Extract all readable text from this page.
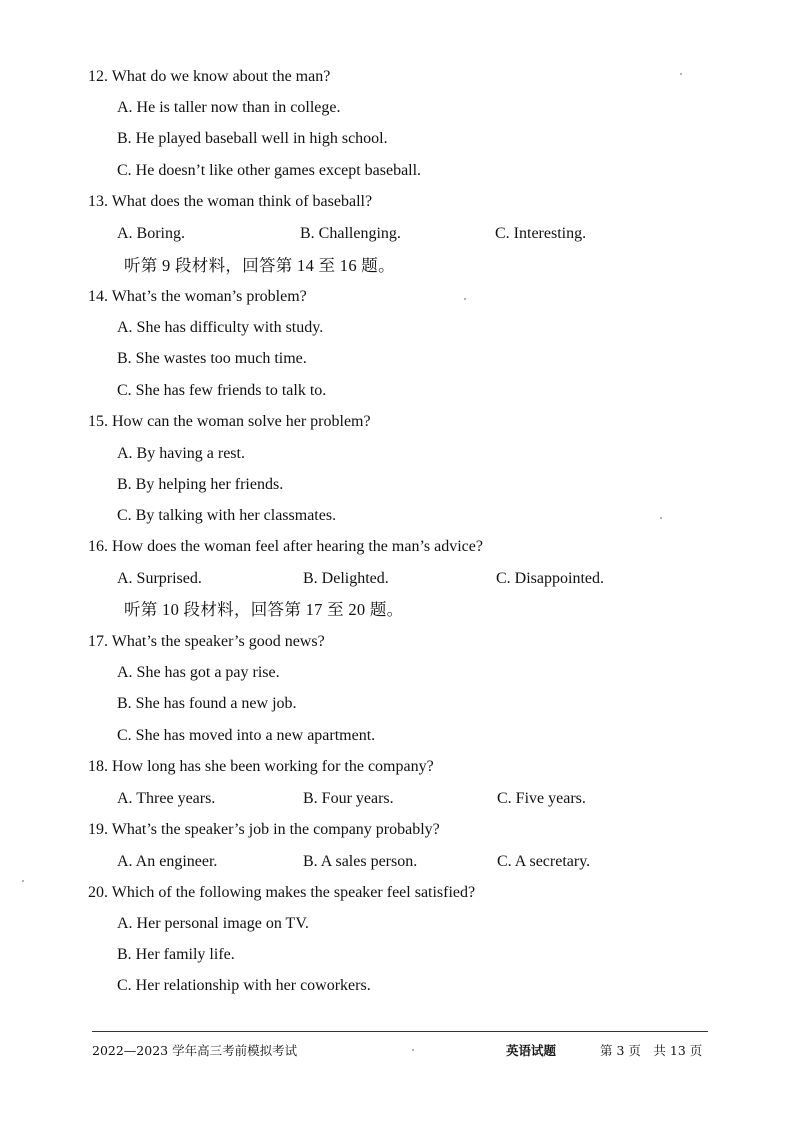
12. What do we know about the man?
A. He is taller now than in college.
B. He played baseball well in high school.
C. He doesn’t like other games except baseball.
13. What does the woman think of baseball?
A. Boring.	B. Challenging.	C. Interesting.
听第 9 段材料，回答第 14 至 16 题。
14. What’s the woman’s problem?
A. She has difficulty with study.
B. She wastes too much time.
C. She has few friends to talk to.
15. How can the woman solve her problem?
A. By having a rest.
B. By helping her friends.
C. By talking with her classmates.
16. How does the woman feel after hearing the man’s advice?
A. Surprised.	B. Delighted.	C. Disappointed.
听第 10 段材料，回答第 17 至 20 题。
17. What’s the speaker’s good news?
A. She has got a pay rise.
B. She has found a new job.
C. She has moved into a new apartment.
18. How long has she been working for the company?
A. Three years.	B. Four years.	C. Five years.
19. What’s the speaker’s job in the company probably?
A. An engineer.	B. A sales person.	C. A secretary.
20. Which of the following makes the speaker feel satisfied?
A. Her personal image on TV.
B. Her family life.
C. Her relationship with her coworkers.
2022—2023 学年高三考前模拟考试	英语试题	第 3 页　共 13 页
